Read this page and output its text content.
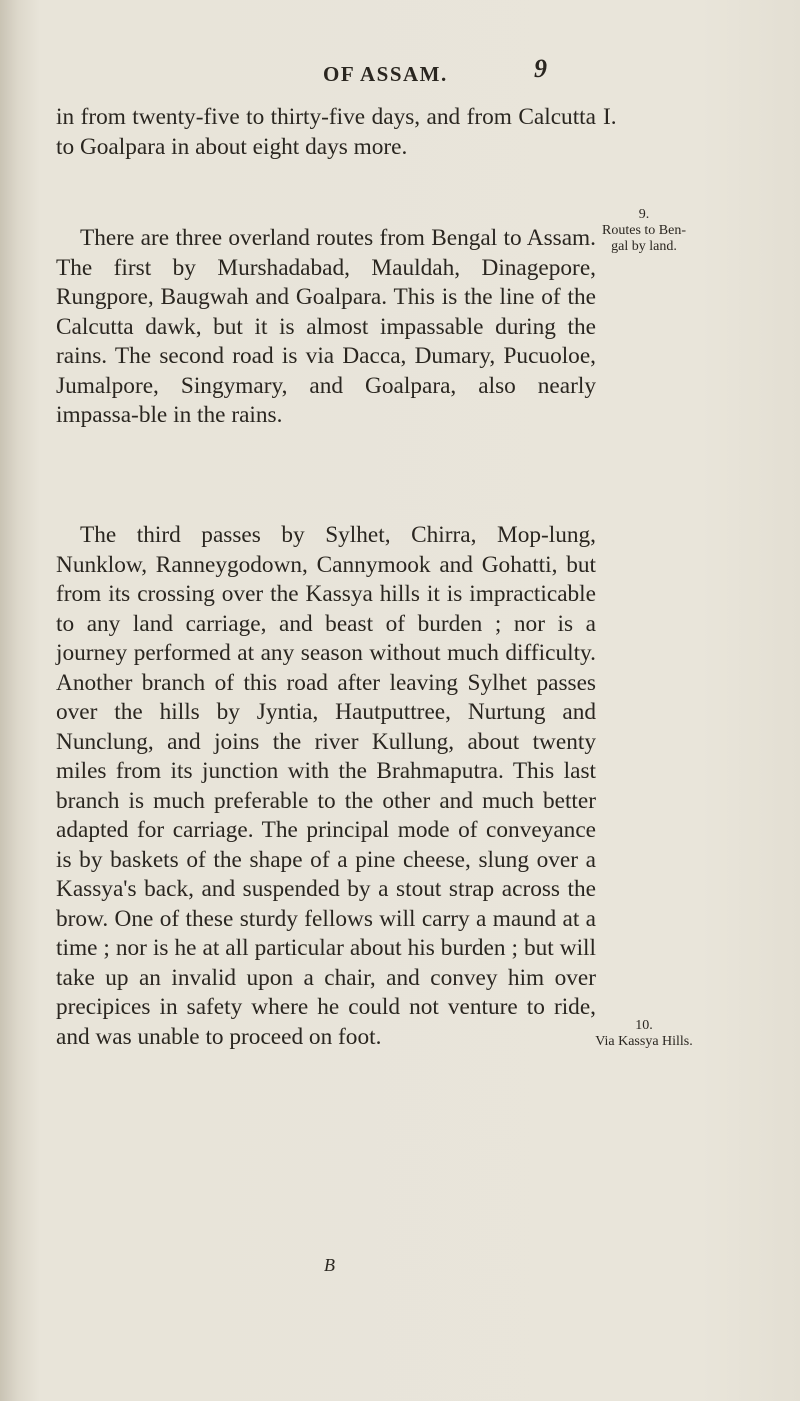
OF ASSAM.	9
I.

in from twenty-five to thirty-five days, and from Calcutta to Goalpara in about eight days more.

There are three overland routes from Bengal to Assam. The first by Murshadabad, Mauldah, Dinagepore, Rungpore, Baugwah and Goalpara. This is the line of the Calcutta dawk, but it is almost impassable during the rains. The second road is via Dacca, Dumary, Pucuoloe, Jumalpore, Singymary, and Goalpara, also nearly impassa-ble in the rains.

The third passes by Sylhet, Chirra, Mop-lung, Nunklow, Ranneygodown, Cannymook and Gohatti, but from its crossing over the Kassya hills it is impracticable to any land carriage, and beast of burden ; nor is a journey performed at any season without much difficulty. Another branch of this road after leaving Sylhet passes over the hills by Jyntia, Hautputtree, Nurtung and Nunclung, and joins the river Kullung, about twenty miles from its junction with the Brahmaputra. This last branch is much preferable to the other and much better adapted for carriage. The principal mode of conveyance is by baskets of the shape of a pine cheese, slung over a Kassya's back, and suspended by a stout strap across the brow. One of these sturdy fellows will carry a maund at a time ; nor is he at all particular about his burden ; but will take up an invalid upon a chair, and convey him over precipices in safety where he could not venture to ride, and was unable to proceed on foot.

9.
Routes to Ben-gal by land.
10.
Via Kassya Hills.
B
